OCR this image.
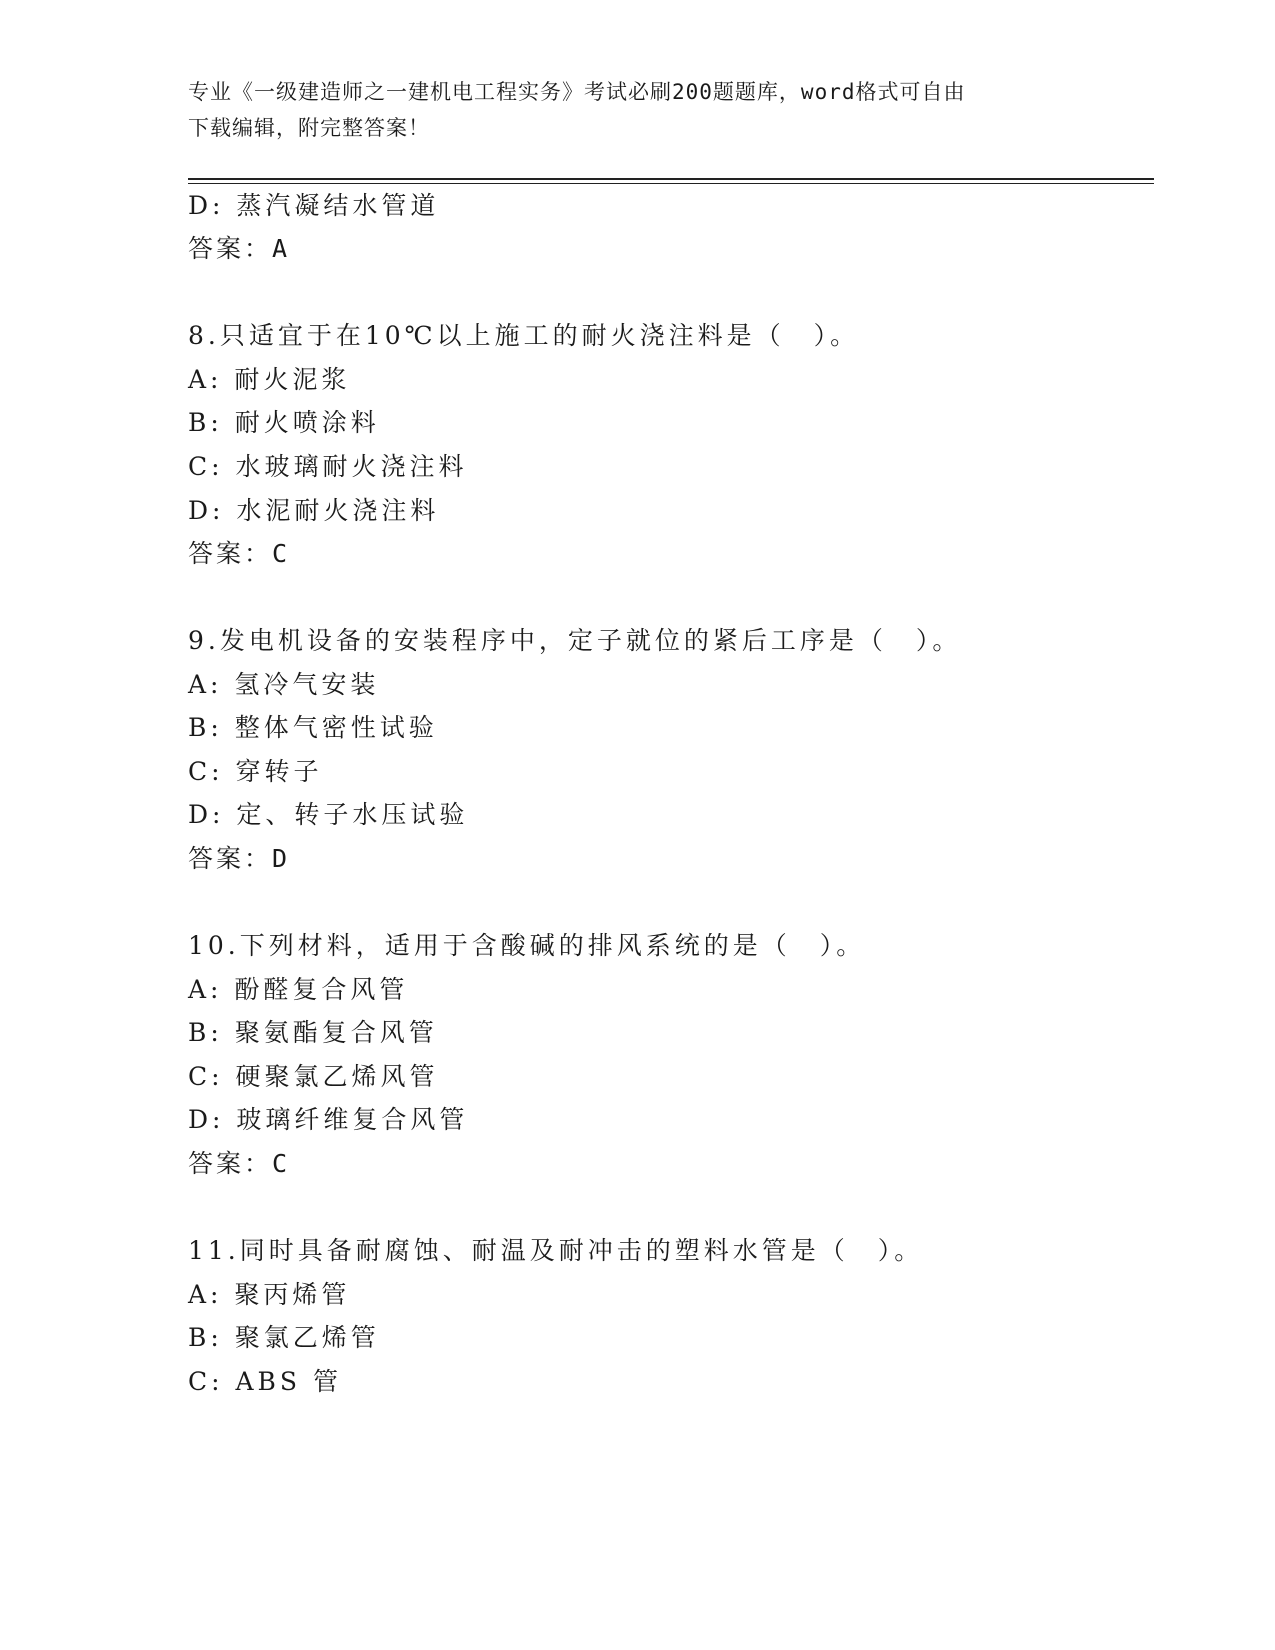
专业《一级建造师之一建机电工程实务》考试必刷200题题库，word格式可自由
下载编辑，附完整答案！
D: 蒸汽凝结水管道
答案：A
8.只适宜于在10℃以上施工的耐火浇注料是（　）。
A: 耐火泥浆
B: 耐火喷涂料
C: 水玻璃耐火浇注料
D: 水泥耐火浇注料
答案：C
9.发电机设备的安装程序中，定子就位的紧后工序是（　）。
A: 氢冷气安装
B: 整体气密性试验
C: 穿转子
D: 定、转子水压试验
答案：D
10.下列材料，适用于含酸碱的排风系统的是（　）。
A: 酚醛复合风管
B: 聚氨酯复合风管
C: 硬聚氯乙烯风管
D: 玻璃纤维复合风管
答案：C
11.同时具备耐腐蚀、耐温及耐冲击的塑料水管是（　）。
A: 聚丙烯管
B: 聚氯乙烯管
C: ABS 管
